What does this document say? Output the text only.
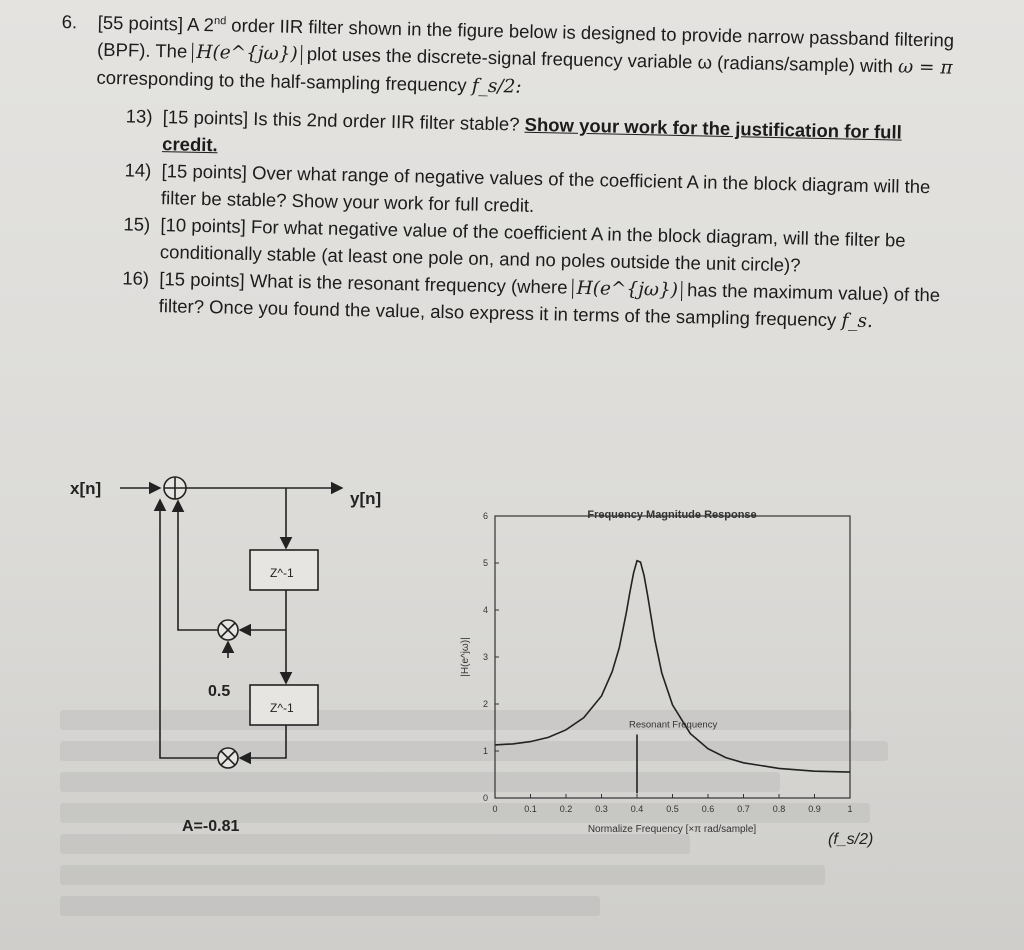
6.	[55 points] A 2nd order IIR filter shown in the figure below is designed to provide narrow passband filtering (BPF). The H(e^{jω}) plot uses the discrete-signal frequency variable ω (radians/sample) with ω = π corresponding to the half-sampling frequency f_s/2:
13) [15 points] Is this 2nd order IIR filter stable? Show your work for the justification for full credit.
14) [15 points] Over what range of negative values of the coefficient A in the block diagram will the filter be stable? Show your work for full credit.
15) [10 points] For what negative value of the coefficient A in the block diagram, will the filter be conditionally stable (at least one pole on, and no poles outside the unit circle)?
16) [15 points] What is the resonant frequency (where H(e^{jω}) has the maximum value) of the filter? Once you found the value, also express it in terms of the sampling frequency f_s.
x[n]
y[n]
Z^-1
Z^-1
0.5
A=-0.81
Frequency Magnitude Response
Normalize Frequency [×π rad/sample]
|H(e^jω)|
(f_s/2)
0	0.1	0.2	0.3	0.4	0.5	0.6	0.7	0.8	0.9	1
0
1
2
3
4
5
6
Resonant Frequency
